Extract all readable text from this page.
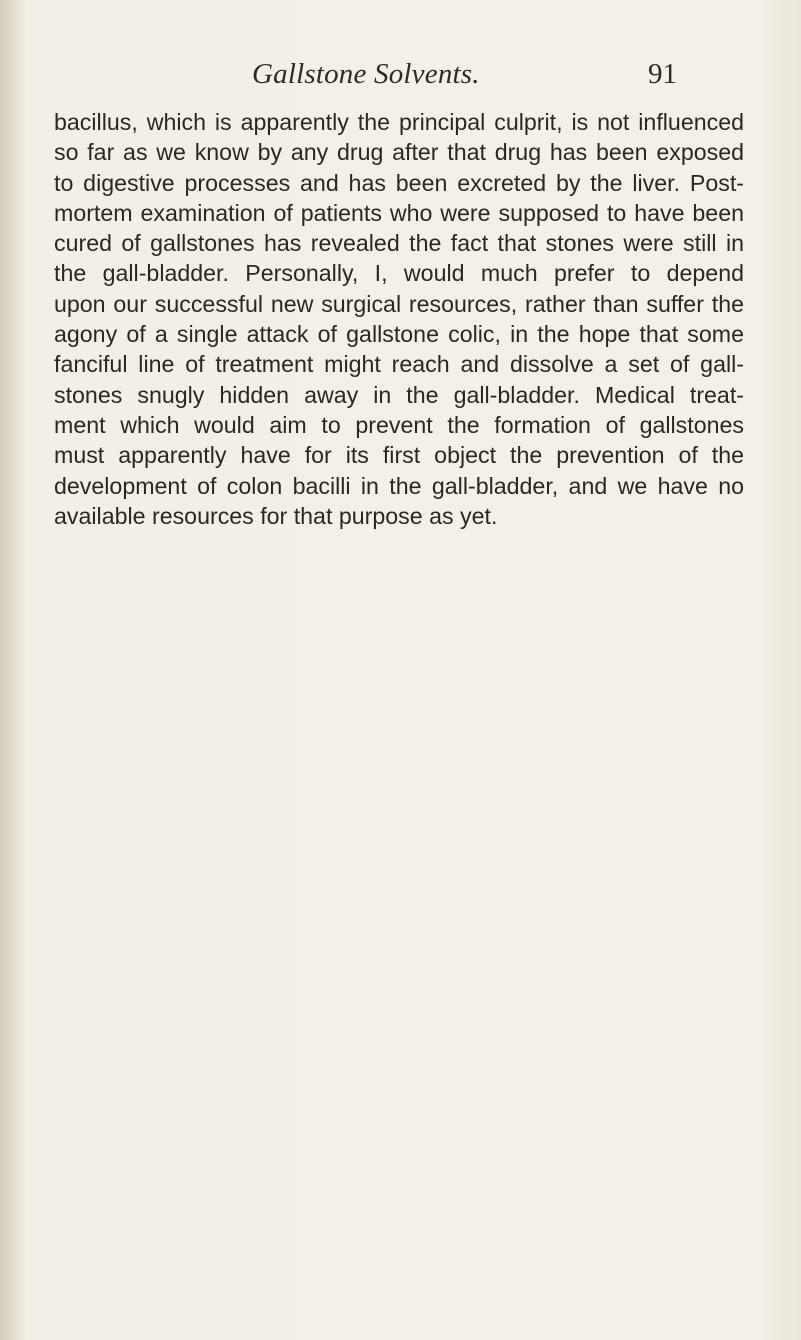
Gallstone Solvents.	91
bacillus, which is apparently the principal culprit, is not influenced
so far as we know by any drug after that drug has been exposed
to digestive processes and has been excreted by the liver. Post-
mortem examination of patients who were supposed to have been
cured of gallstones has revealed the fact that stones were still in
the gall-bladder. Personally, I, would much prefer to depend
upon our successful new surgical resources, rather than suffer the
agony of a single attack of gallstone colic, in the hope that some
fanciful line of treatment might reach and dissolve a set of gall-
stones snugly hidden away in the gall-bladder. Medical treat-
ment which would aim to prevent the formation of gallstones
must apparently have for its first object the prevention of the
development of colon bacilli in the gall-bladder, and we have no
available resources for that purpose as yet.
